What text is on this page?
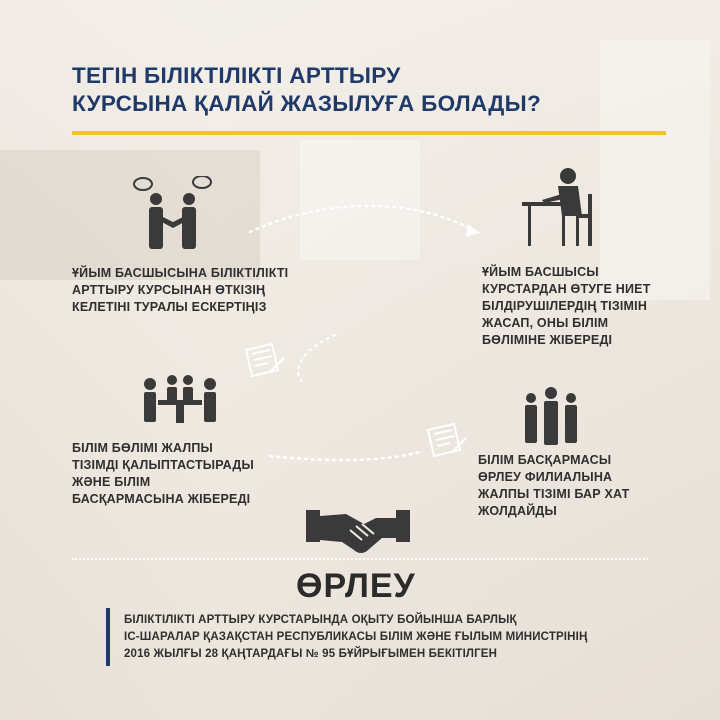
ТЕГІН БІЛІКТІЛІКТІ АРТТЫРУ
КУРСЫНА ҚАЛАЙ ЖАЗЫЛУҒА БОЛАДЫ?
ҰЙЫМ БАСШЫСЫНА БІЛІКТІЛІКТІ
АРТТЫРУ КУРСЫНАН ӨТКІЗІҢ
КЕЛЕТІНІ ТУРАЛЫ ЕСКЕРТІҢІЗ
ҰЙЫМ БАСШЫСЫ
КУРСТАРДАН ӨТУГЕ НИЕТ
БІЛДІРУШІЛЕРДІҢ ТІЗІМІН
ЖАСАП, ОНЫ БІЛІМ
БӨЛІМІНЕ ЖІБЕРЕДІ
БІЛІМ БӨЛІМІ ЖАЛПЫ
ТІЗІМДІ ҚАЛЫПТАСТЫРАДЫ
ЖӘНЕ БІЛІМ
БАСҚАРМАСЫНА ЖІБЕРЕДІ
БІЛІМ БАСҚАРМАСЫ
ӨРЛЕУ ФИЛИАЛЫНА
ЖАЛПЫ ТІЗІМІ БАР ХАТ
ЖОЛДАЙДЫ
ӨРЛЕУ
БІЛІКТІЛІКТІ АРТТЫРУ КУРСТАРЫНДА ОҚЫТУ БОЙЫНША БАРЛЫҚ
ІС-ШАРАЛАР ҚАЗАҚСТАН РЕСПУБЛИКАСЫ БІЛІМ ЖӘНЕ ҒЫЛЫМ МИНИСТРІНІҢ
2016 ЖЫЛҒЫ 28 ҚАҢТАРДАҒЫ № 95 БҰЙРЫҒЫМЕН БЕКІТІЛГЕН
